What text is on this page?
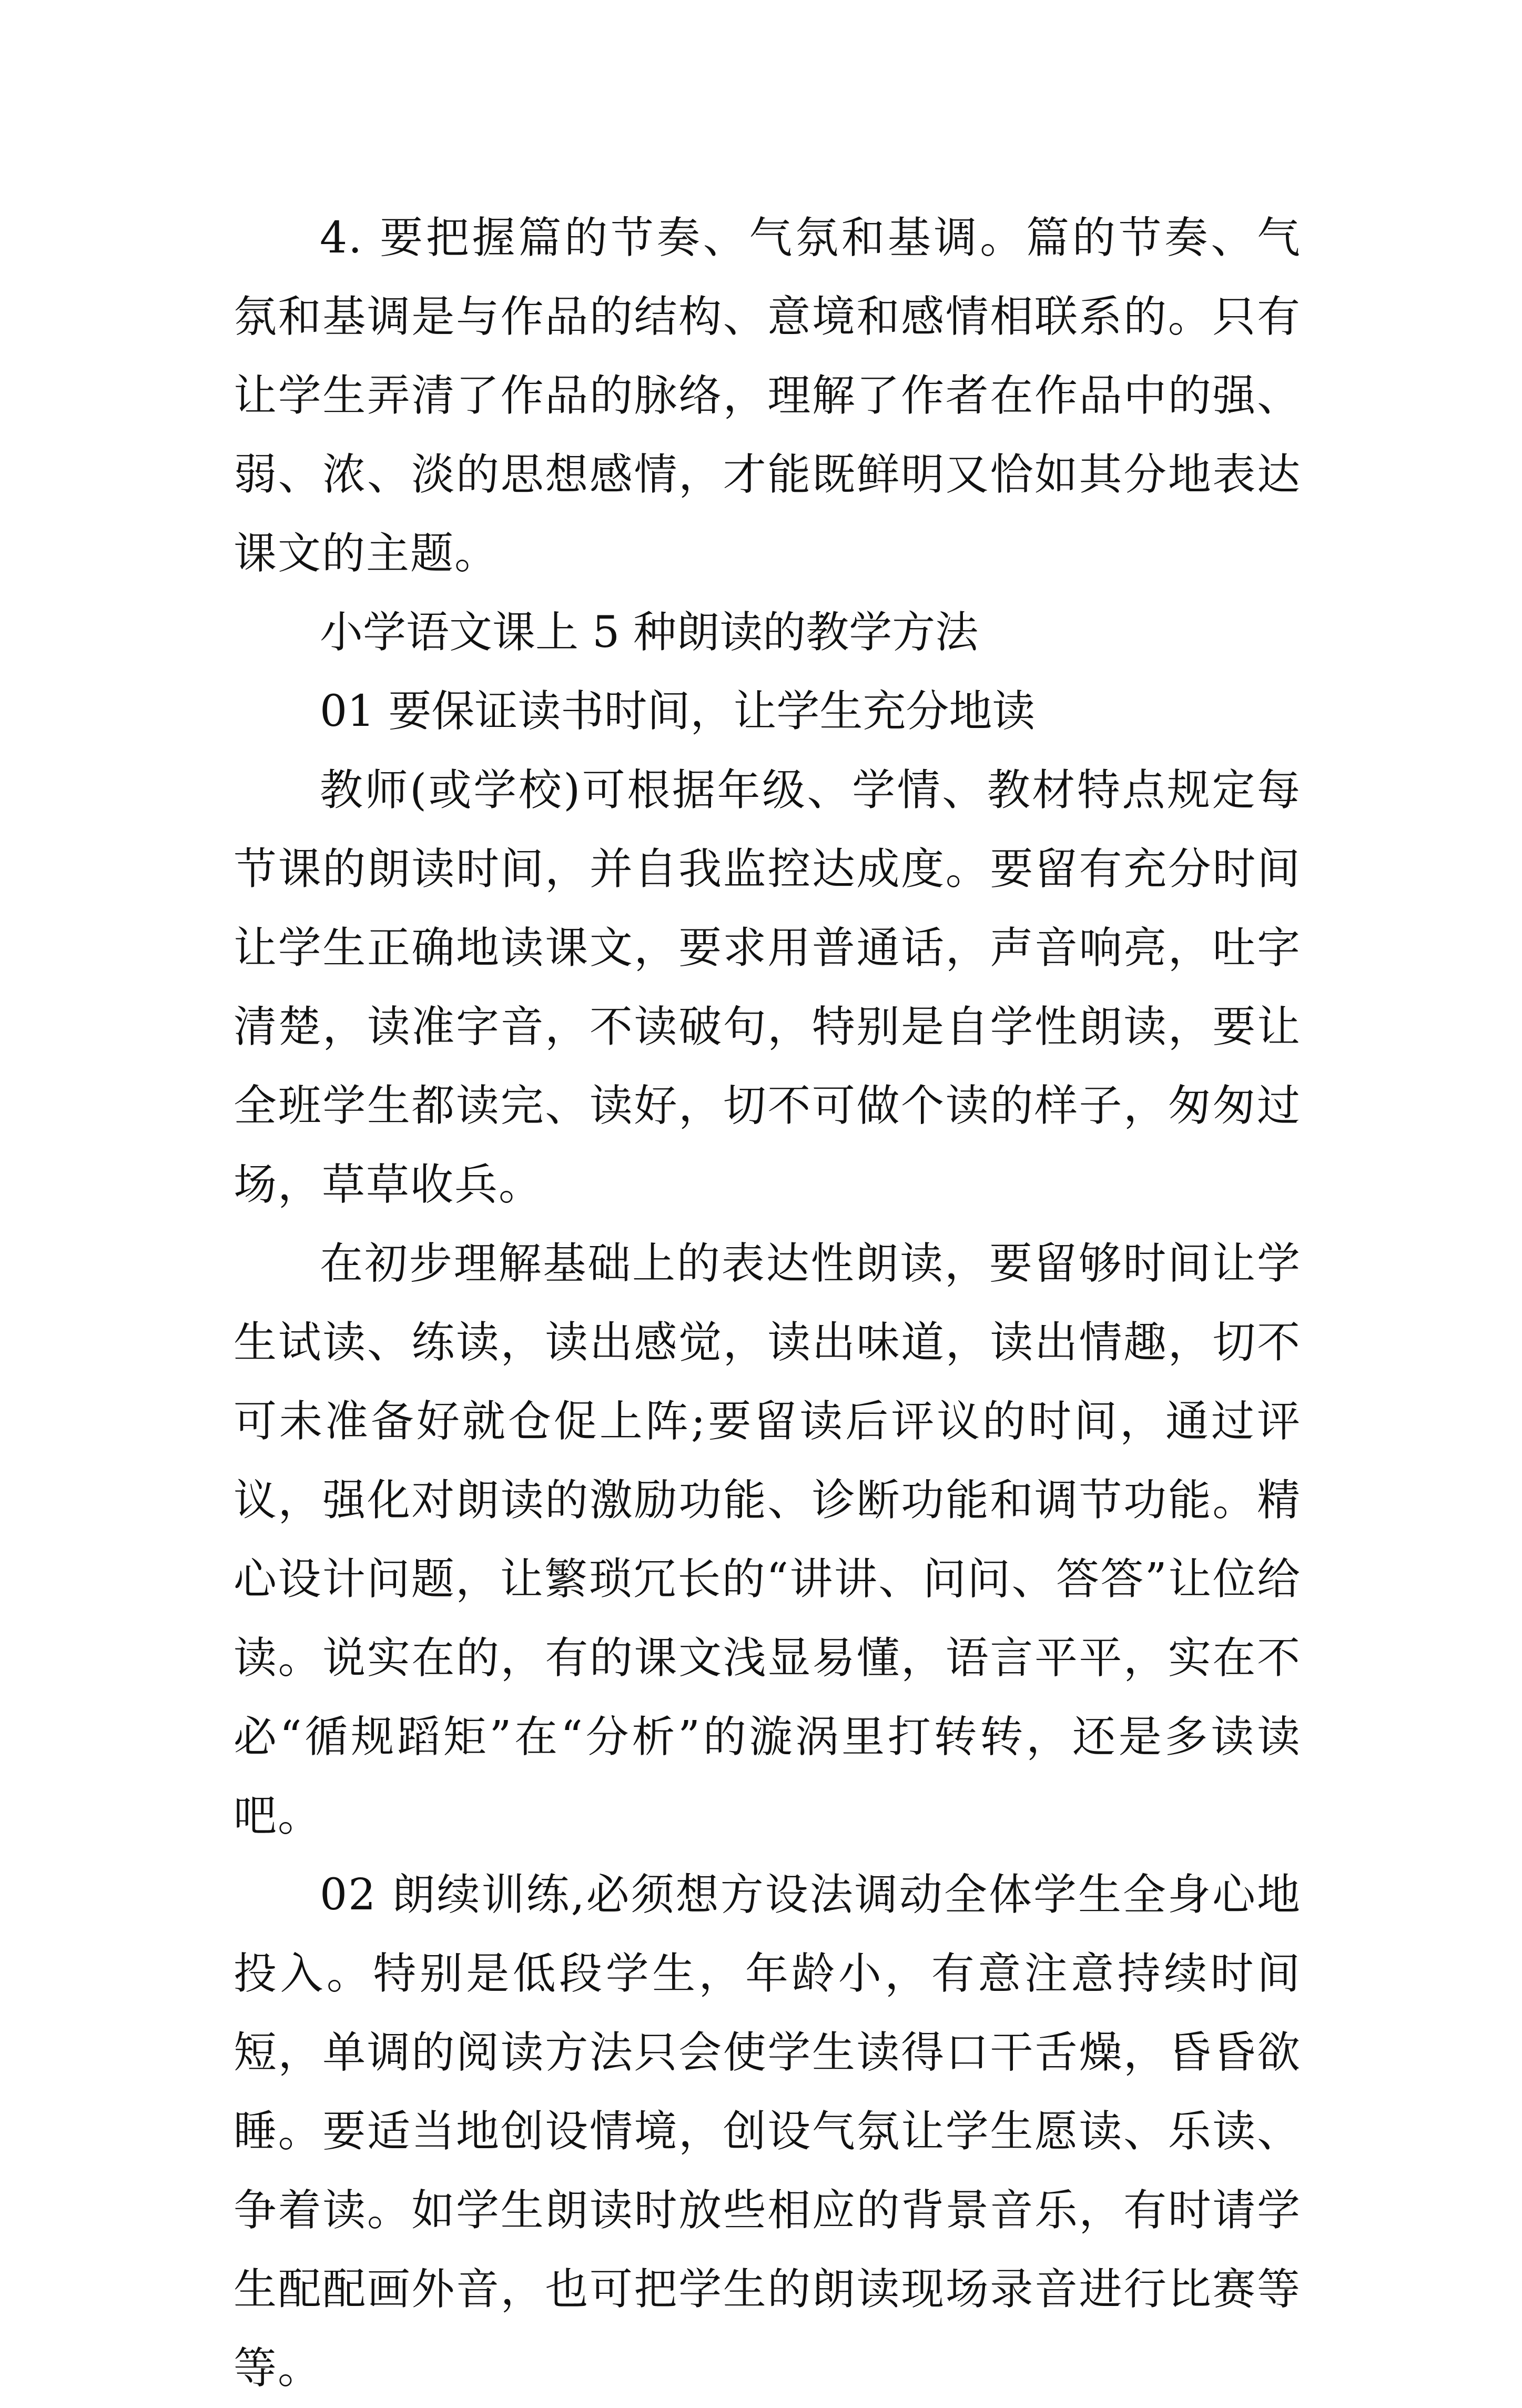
4. 要把握篇的节奏、气氛和基调。篇的节奏、气氛和基调是与作品的结构、意境和感情相联系的。只有让学生弄清了作品的脉络，理解了作者在作品中的强、弱、浓、淡的思想感情，才能既鲜明又恰如其分地表达课文的主题。

小学语文课上 5 种朗读的教学方法

01 要保证读书时间，让学生充分地读

教师(或学校)可根据年级、学情、教材特点规定每节课的朗读时间，并自我监控达成度。要留有充分时间让学生正确地读课文，要求用普通话，声音响亮，吐字清楚，读准字音，不读破句，特别是自学性朗读，要让全班学生都读完、读好，切不可做个读的样子，匆匆过场，草草收兵。

在初步理解基础上的表达性朗读，要留够时间让学生试读、练读，读出感觉，读出味道，读出情趣，切不可未准备好就仓促上阵;要留读后评议的时间，通过评议，强化对朗读的激励功能、诊断功能和调节功能。精心设计问题，让繁琐冗长的“讲讲、问问、答答”让位给读。说实在的，有的课文浅显易懂，语言平平，实在不必“循规蹈矩”在“分析”的漩涡里打转转，还是多读读吧。

02 朗续训练,必须想方设法调动全体学生全身心地投入。特别是低段学生，年龄小，有意注意持续时间短，单调的阅读方法只会使学生读得口干舌燥，昏昏欲睡。要适当地创设情境，创设气氛让学生愿读、乐读、争着读。如学生朗读时放些相应的背景音乐，有时请学生配配画外音，也可把学生的朗读现场录音进行比赛等等。
